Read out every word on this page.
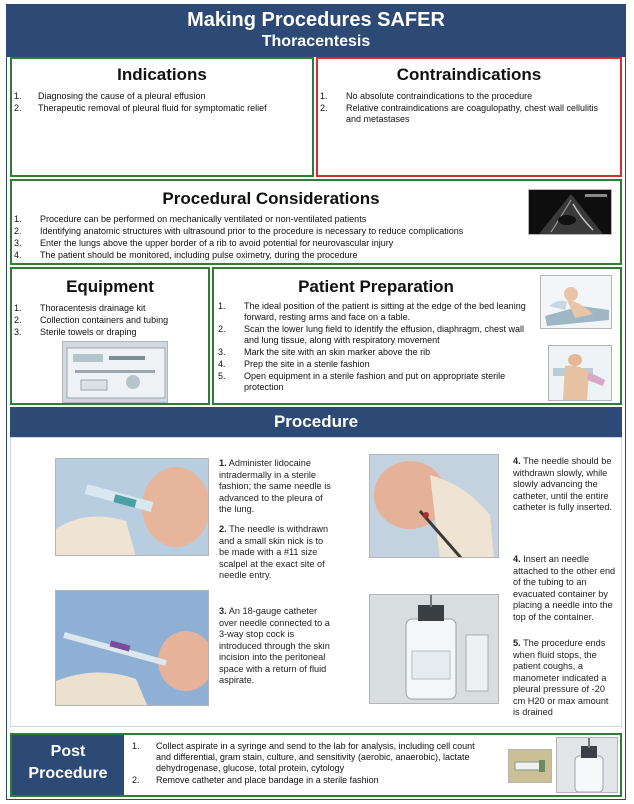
Making Procedures SAFER
Thoracentesis
Indications
1. Diagnosing the cause of a pleural effusion
2. Therapeutic removal of pleural fluid for symptomatic relief
Contraindications
1. No absolute contraindications to the procedure
2. Relative contraindications are coagulopathy, chest wall cellulitis and metastases
Procedural Considerations
1. Procedure can be performed on mechanically ventilated or non-ventilated patients
2. Identifying anatomic structures with ultrasound prior to the procedure is necessary to reduce complications
3. Enter the lungs above the upper border of a rib to avoid potential for neurovascular injury
4. The patient should be monitored, including pulse oximetry, during the procedure
Equipment
1. Thoracentesis drainage kit
2. Collection containers and tubing
3. Sterile towels or draping
Patient Preparation
1. The ideal position of the patient is sitting at the edge of the bed leaning forward, resting arms and face on a table.
2. Scan the lower lung field to identify the effusion, diaphragm, chest wall and lung tissue, along with respiratory movement
3. Mark the site with an skin marker above the rib
4. Prep the site in a sterile fashion
5. Open equipment in a sterile fashion and put on appropriate sterile protection
Procedure
1. Administer lidocaine intradermally in a sterile fashion; the same needle is advanced to the pleura of the lung.
2. The needle is withdrawn and a small skin nick is to be made with a #11 size scalpel at the exact site of needle entry.
3. An 18-gauge catheter over needle connected to a 3-way stop cock is introduced through the skin incision into the peritoneal space with a return of fluid aspirate.
4. The needle should be withdrawn slowly, while slowly advancing the catheter, until the entire catheter is fully inserted.
4. Insert an needle attached to the other end of the tubing to an evacuated container by placing a needle into the top of the container.
5. The procedure ends when fluid stops, the patient coughs, a manometer indicated a pleural pressure of -20 cm H20 or max amount is drained
Post
Procedure
1. Collect aspirate in a syringe and send to the lab for analysis, including cell count and differential, gram stain, culture, and sensitivity (aerobic, anaerobic), lactate dehydrogenase, glucose, total protein, cytology
2. Remove catheter and place bandage in a sterile fashion
